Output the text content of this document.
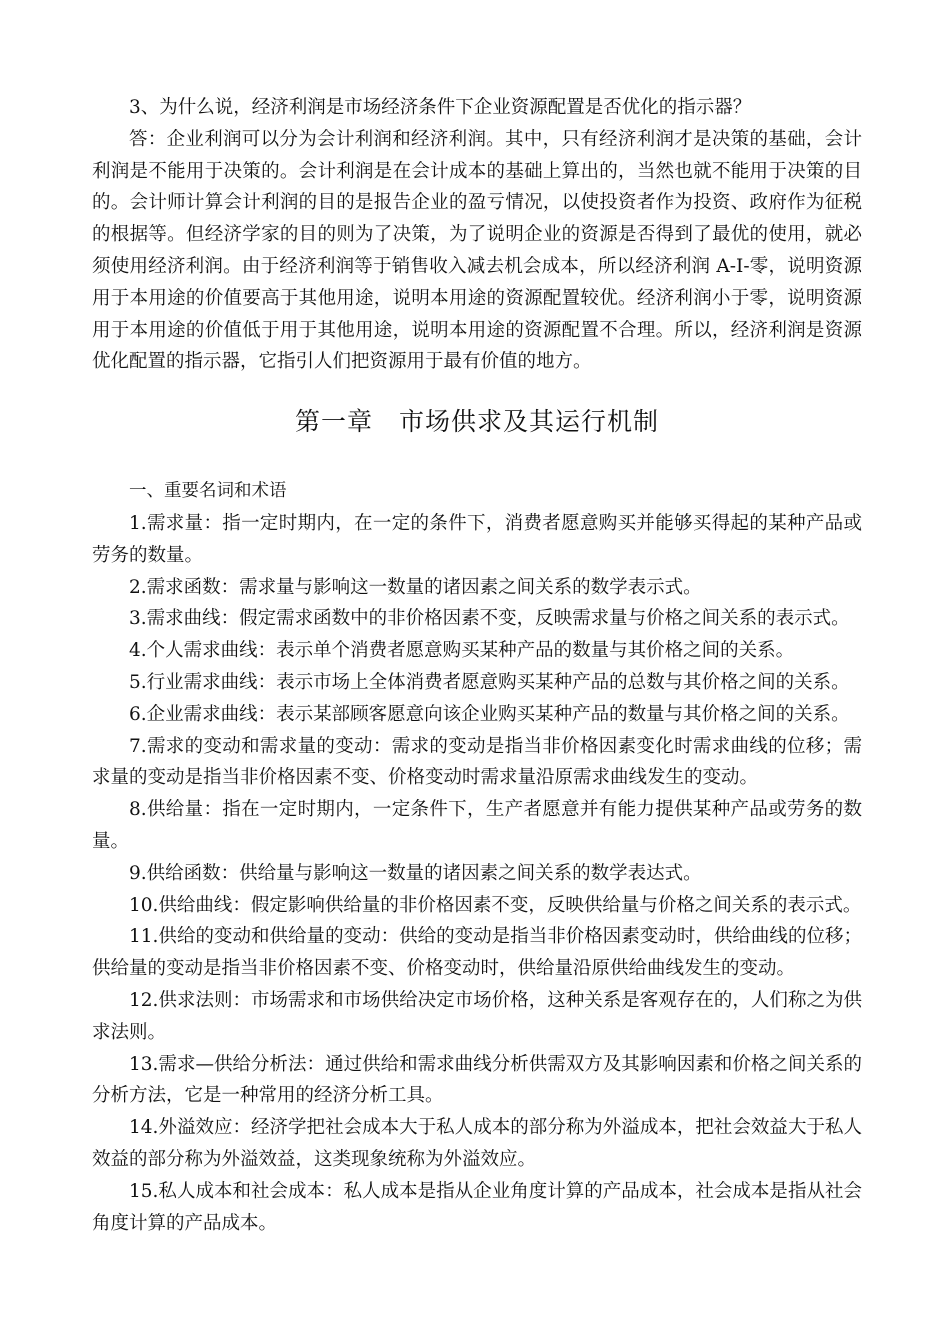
3、为什么说，经济利润是市场经济条件下企业资源配置是否优化的指示器？

答：企业利润可以分为会计利润和经济利润。其中，只有经济利润才是决策的基础，会计利润是不能用于决策的。会计利润是在会计成本的基础上算出的，当然也就不能用于决策的目的。会计师计算会计利润的目的是报告企业的盈亏情况，以使投资者作为投资、政府作为征税的根据等。但经济学家的目的则为了决策，为了说明企业的资源是否得到了最优的使用，就必须使用经济利润。由于经济利润等于销售收入减去机会成本，所以经济利润 A-I-零，说明资源用于本用途的价值要高于其他用途，说明本用途的资源配置较优。经济利润小于零，说明资源用于本用途的价值低于用于其他用途，说明本用途的资源配置不合理。所以，经济利润是资源优化配置的指示器，它指引人们把资源用于最有价值的地方。

第一章　市场供求及其运行机制

一、重要名词和术语

1.需求量：指一定时期内，在一定的条件下，消费者愿意购买并能够买得起的某种产品或劳务的数量。

2.需求函数：需求量与影响这一数量的诸因素之间关系的数学表示式。

3.需求曲线：假定需求函数中的非价格因素不变，反映需求量与价格之间关系的表示式。

4.个人需求曲线：表示单个消费者愿意购买某种产品的数量与其价格之间的关系。

5.行业需求曲线：表示市场上全体消费者愿意购买某种产品的总数与其价格之间的关系。

6.企业需求曲线：表示某部顾客愿意向该企业购买某种产品的数量与其价格之间的关系。

7.需求的变动和需求量的变动：需求的变动是指当非价格因素变化时需求曲线的位移；需求量的变动是指当非价格因素不变、价格变动时需求量沿原需求曲线发生的变动。

8.供给量：指在一定时期内，一定条件下，生产者愿意并有能力提供某种产品或劳务的数量。

9.供给函数：供给量与影响这一数量的诸因素之间关系的数学表达式。

10.供给曲线：假定影响供给量的非价格因素不变，反映供给量与价格之间关系的表示式。

11.供给的变动和供给量的变动：供给的变动是指当非价格因素变动时，供给曲线的位移；供给量的变动是指当非价格因素不变、价格变动时，供给量沿原供给曲线发生的变动。

12.供求法则：市场需求和市场供给决定市场价格，这种关系是客观存在的，人们称之为供求法则。

13.需求—供给分析法：通过供给和需求曲线分析供需双方及其影响因素和价格之间关系的分析方法，它是一种常用的经济分析工具。

14.外溢效应：经济学把社会成本大于私人成本的部分称为外溢成本，把社会效益大于私人效益的部分称为外溢效益，这类现象统称为外溢效应。

15.私人成本和社会成本：私人成本是指从企业角度计算的产品成本，社会成本是指从社会角度计算的产品成本。
